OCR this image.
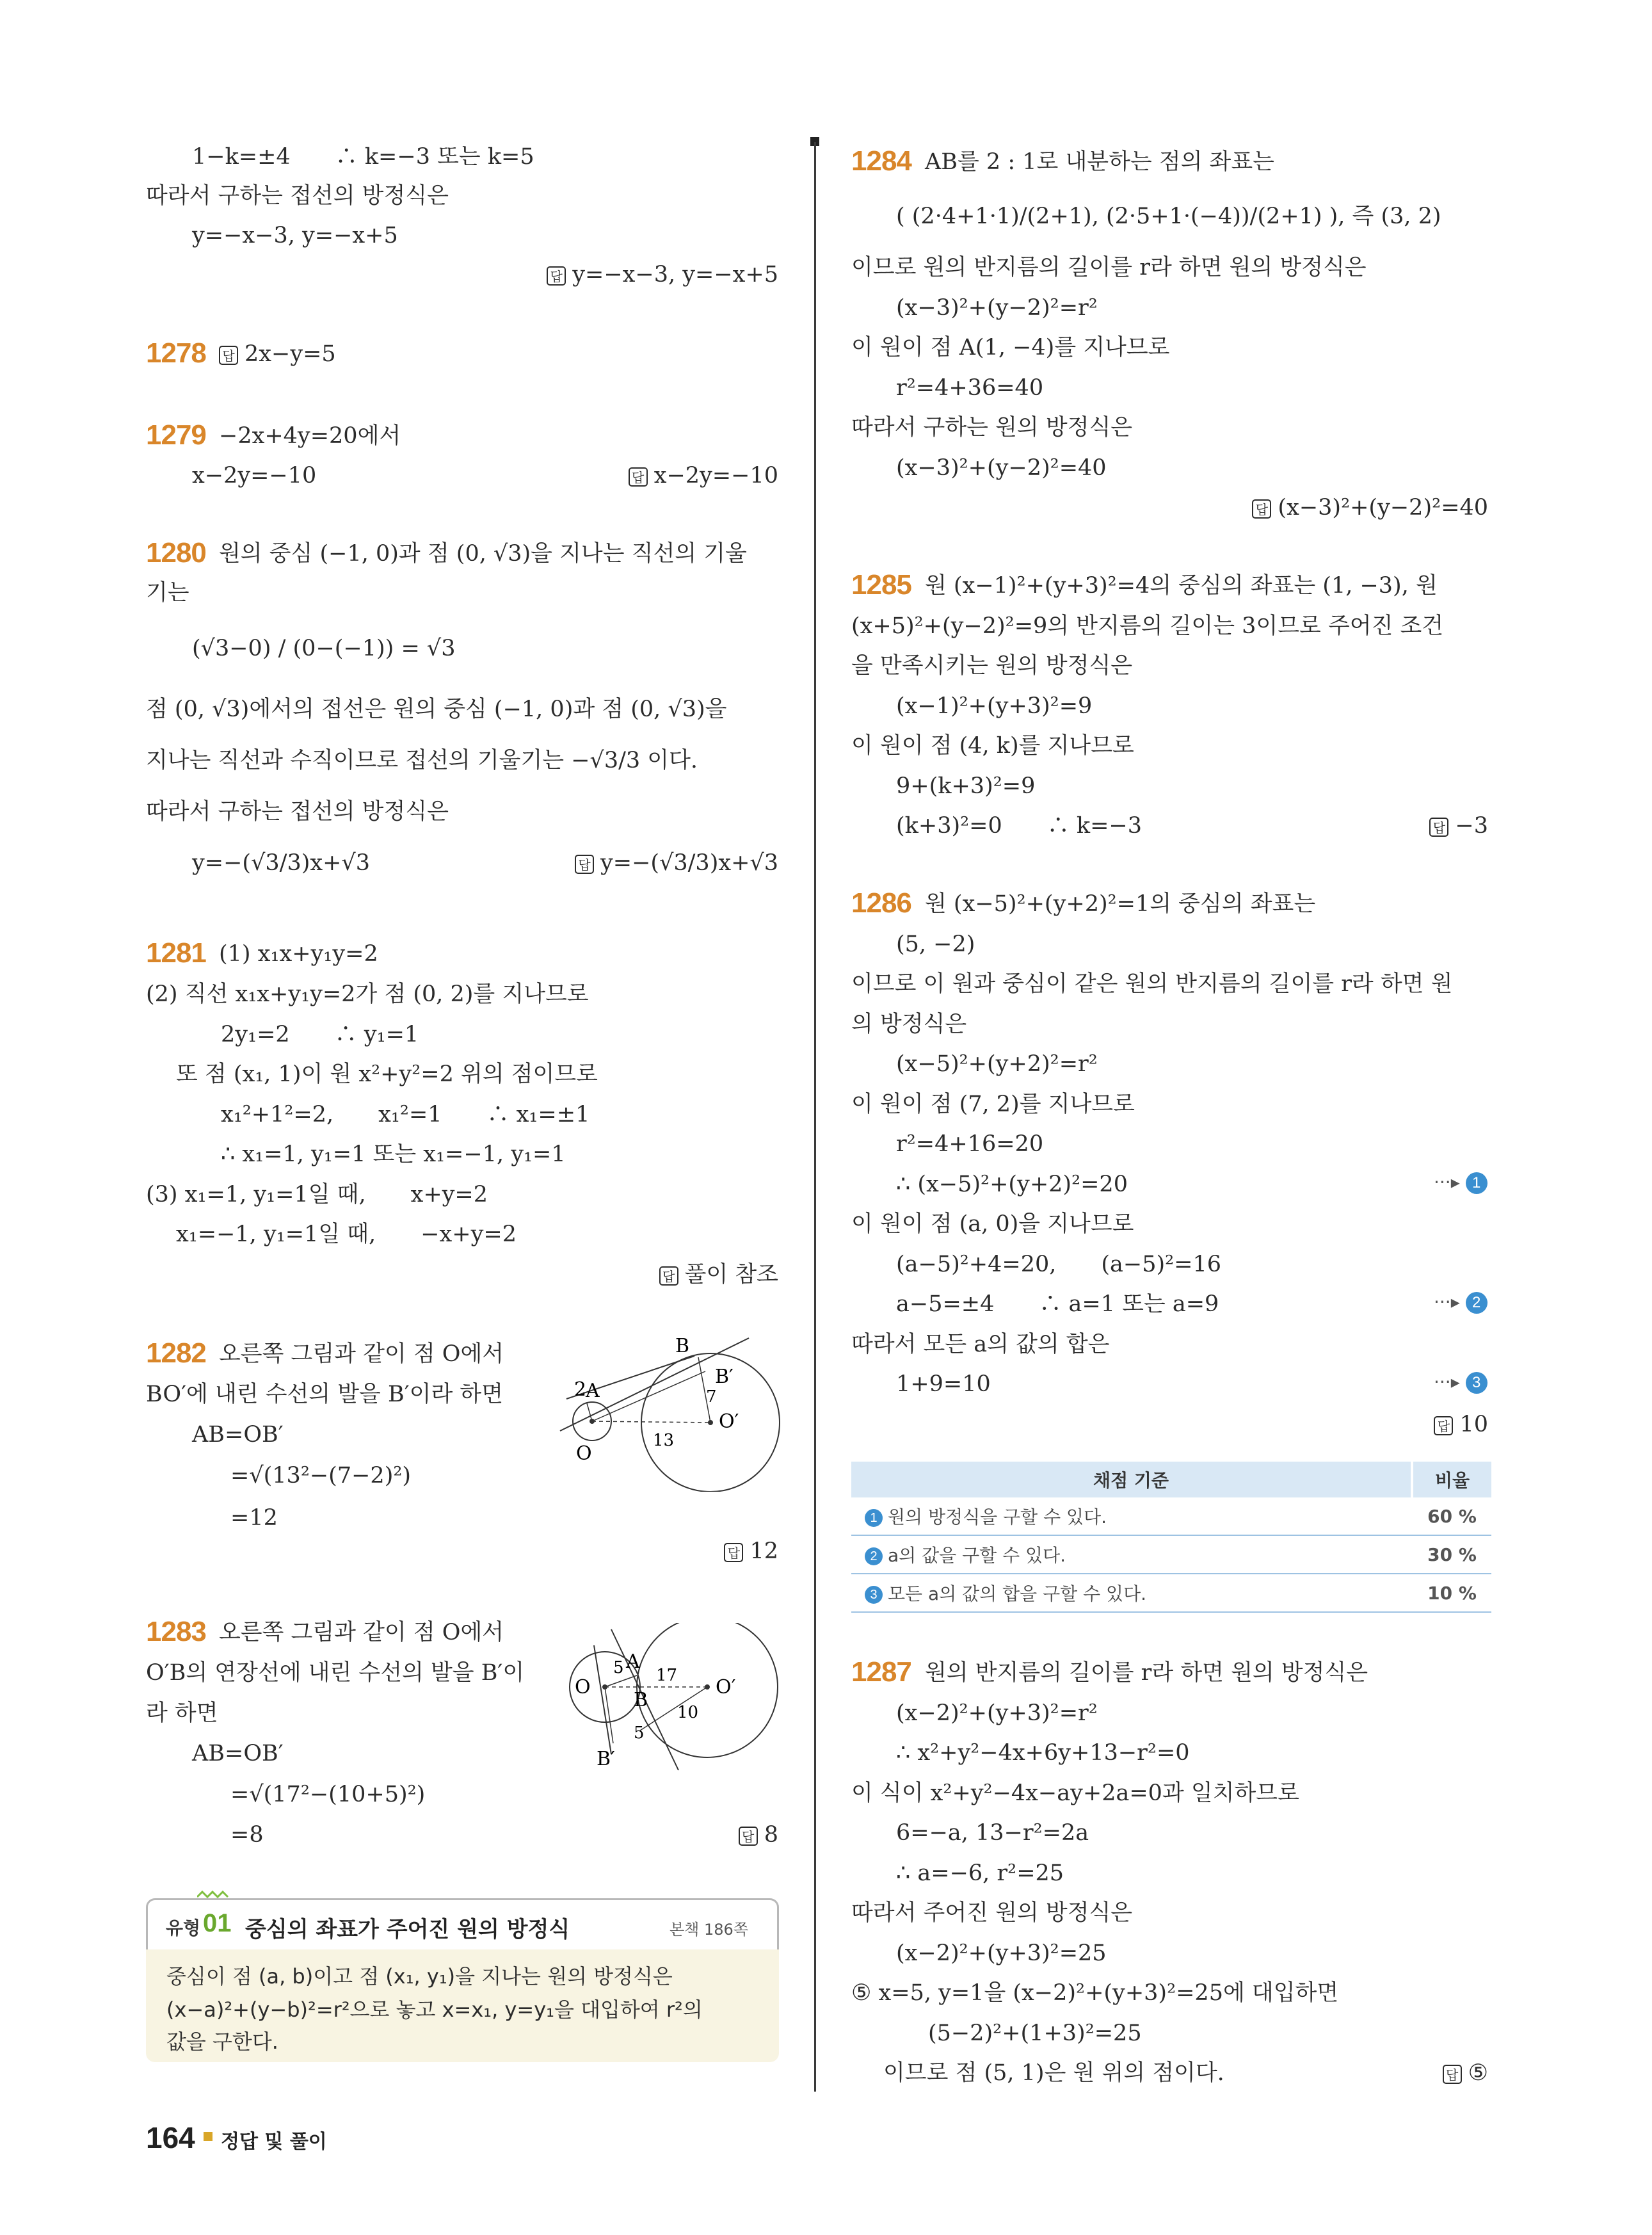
1−k=±4　　∴ k=−3 또는 k=5
따라서 구하는 접선의 방정식은
y=−x−3, y=−x+5
답 y=−x−3, y=−x+5
1278 답 2x−y=5
1279 −2x+4y=20에서
x−2y=−10	답 x−2y=−10
1280 원의 중심 (−1, 0)과 점 (0, √3)을 지나는 직선의 기울
기는
(√3−0) / (0−(−1)) = √3
점 (0, √3)에서의 접선은 원의 중심 (−1, 0)과 점 (0, √3)을
지나는 직선과 수직이므로 접선의 기울기는 −√3/3 이다.
따라서 구하는 접선의 방정식은
y=−(√3/3)x+√3	답 y=−(√3/3)x+√3
1281 (1) x₁x+y₁y=2
(2) 직선 x₁x+y₁y=2가 점 (0, 2)를 지나므로
2y₁=2　　∴ y₁=1
또 점 (x₁, 1)이 원 x²+y²=2 위의 점이므로
x₁²+1²=2,　　x₁²=1　　∴ x₁=±1
∴ x₁=1, y₁=1 또는 x₁=−1, y₁=1
(3) x₁=1, y₁=1일 때,　　x+y=2
x₁=−1, y₁=1일 때,　　−x+y=2
답 풀이 참조
1282 오른쪽 그림과 같이 점 O에서
BO′에 내린 수선의 발을 B′이라 하면
AB=OB′
=√(13²−(7−2)²)
=12
2
A
B
B′
7
O
O′
13
답 12
1283 오른쪽 그림과 같이 점 O에서
O′B의 연장선에 내린 수선의 발을 B′이
라 하면
AB=OB′
=√(17²−(10+5)²)
=8
O	O′
A
5
B
17
10
5
B′
답 8
유형 01 중심의 좌표가 주어진 원의 방정식	본책 186쪽
중심이 점 (a, b)이고 점 (x₁, y₁)을 지나는 원의 방정식은
(x−a)²+(y−b)²=r²으로 놓고 x=x₁, y=y₁을 대입하여 r²의
값을 구한다.
1284 AB를 2 : 1로 내분하는 점의 좌표는
( (2·4+1·1)/(2+1), (2·5+1·(−4))/(2+1) ), 즉 (3, 2)
이므로 원의 반지름의 길이를 r라 하면 원의 방정식은
(x−3)²+(y−2)²=r²
이 원이 점 A(1, −4)를 지나므로
r²=4+36=40
따라서 구하는 원의 방정식은
(x−3)²+(y−2)²=40
답 (x−3)²+(y−2)²=40
1285 원 (x−1)²+(y+3)²=4의 중심의 좌표는 (1, −3), 원
(x+5)²+(y−2)²=9의 반지름의 길이는 3이므로 주어진 조건
을 만족시키는 원의 방정식은
(x−1)²+(y+3)²=9
이 원이 점 (4, k)를 지나므로
9+(k+3)²=9
(k+3)²=0　　∴ k=−3	답 −3
1286 원 (x−5)²+(y+2)²=1의 중심의 좌표는
(5, −2)
이므로 이 원과 중심이 같은 원의 반지름의 길이를 r라 하면 원
의 방정식은
(x−5)²+(y+2)²=r²
이 원이 점 (7, 2)를 지나므로
r²=4+16=20
∴ (x−5)²+(y+2)²=20	···▸ 1
이 원이 점 (a, 0)을 지나므로
(a−5)²+4=20,　　(a−5)²=16
a−5=±4　　∴ a=1 또는 a=9	···▸ 2
따라서 모든 a의 값의 합은
1+9=10	···▸ 3
답 10
채점 기준	비율
1 원의 방정식을 구할 수 있다.	60 %
2 a의 값을 구할 수 있다.	30 %
3 모든 a의 값의 합을 구할 수 있다.	10 %
1287 원의 반지름의 길이를 r라 하면 원의 방정식은
(x−2)²+(y+3)²=r²
∴ x²+y²−4x+6y+13−r²=0
이 식이 x²+y²−4x−ay+2a=0과 일치하므로
6=−a, 13−r²=2a
∴ a=−6, r²=25
따라서 주어진 원의 방정식은
(x−2)²+(y+3)²=25
⑤ x=5, y=1을 (x−2)²+(y+3)²=25에 대입하면
(5−2)²+(1+3)²=25
이므로 점 (5, 1)은 원 위의 점이다.	답 ⑤
164 정답 및 풀이
